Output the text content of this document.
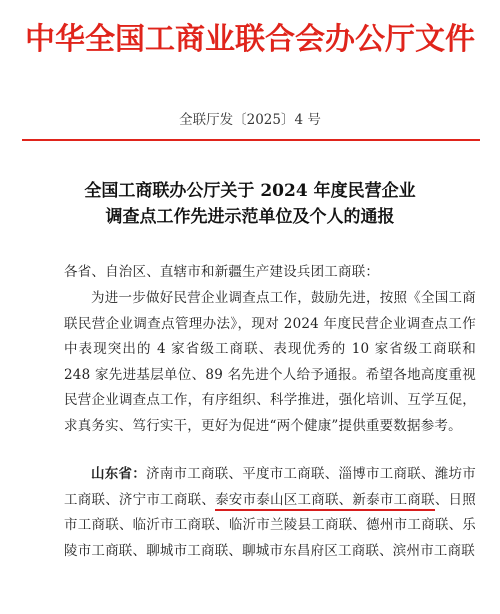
中华全国工商业联合会办公厅文件
全联厅发〔2025〕4 号
全国工商联办公厅关于 2024 年度民营企业
调查点工作先进示范单位及个人的通报
各省、自治区、直辖市和新疆生产建设兵团工商联：
为进一步做好民营企业调查点工作，鼓励先进，按照《全国工商联民营企业调查点管理办法》，现对 2024 年度民营企业调查点工作中表现突出的 4 家省级工商联、表现优秀的 10 家省级工商联和 248 家先进基层单位、89 名先进个人给予通报。希望各地高度重视民营企业调查点工作，有序组织、科学推进，强化培训、互学互促，求真务实、笃行实干，更好为促进“两个健康”提供重要数据参考。
山东省：济南市工商联、平度市工商联、淄博市工商联、潍坊市工商联、济宁市工商联、泰安市泰山区工商联、新泰市工商联、日照市工商联、临沂市工商联、临沂市兰陵县工商联、德州市工商联、乐陵市工商联、聊城市工商联、聊城市东昌府区工商联、滨州市工商联
